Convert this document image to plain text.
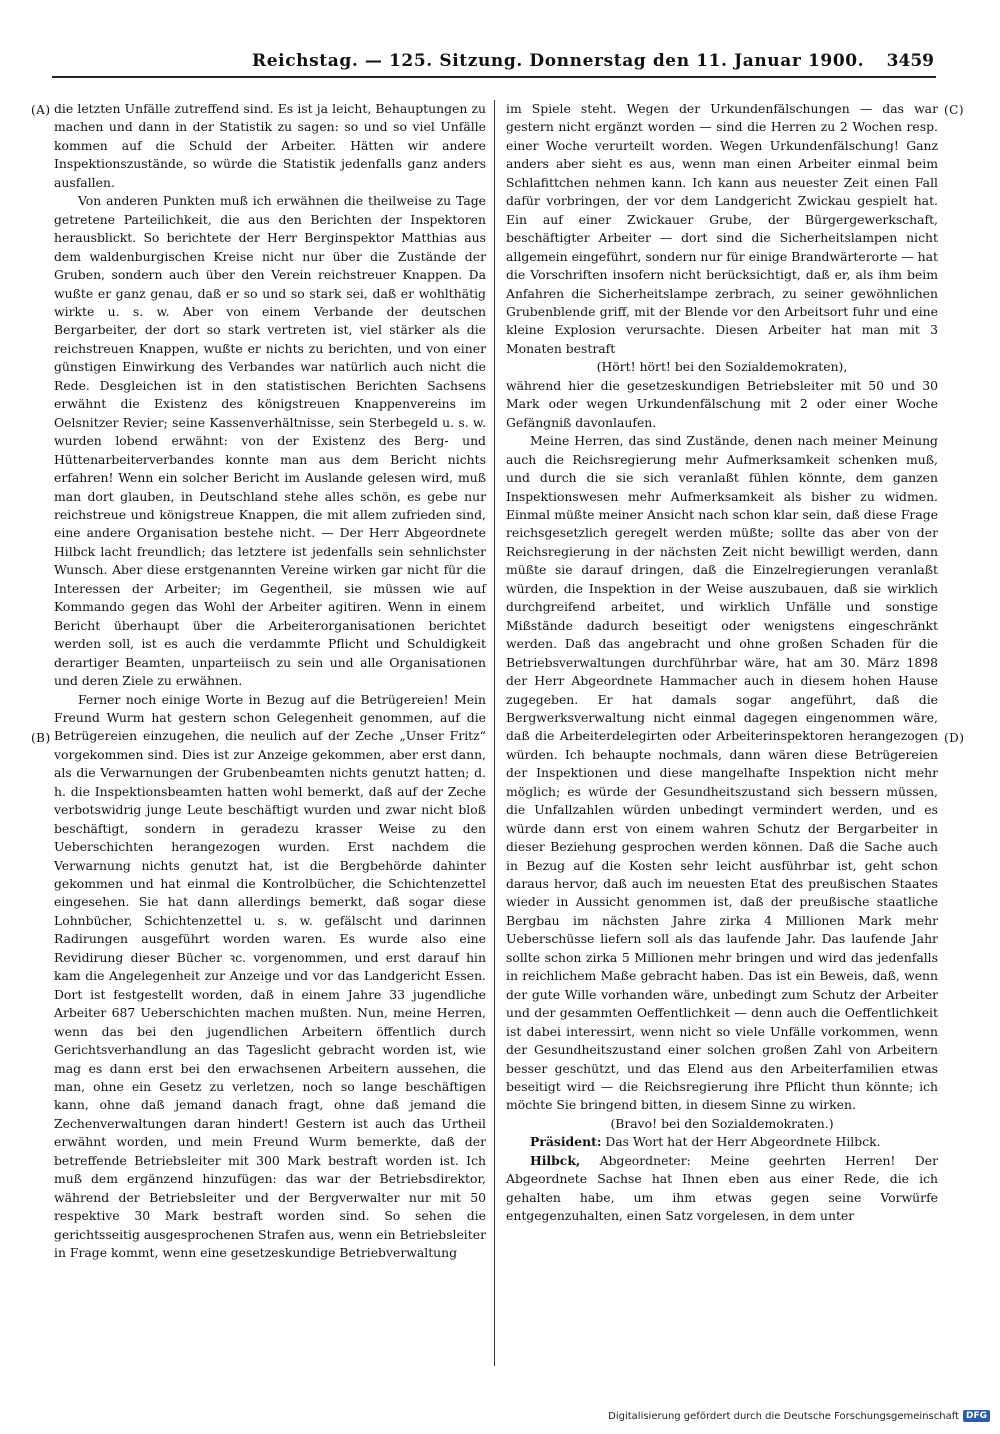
Reichstag. — 125. Sitzung. Donnerstag den 11. Januar 1900. 3459
(A)
(B)
(C)
(D)

die letzten Unfälle zutreffend sind. Es ist ja leicht, Behauptungen zu machen und dann in der Statistik zu sagen: so und so viel Unfälle kommen auf die Schuld der Arbeiter. Hätten wir andere Inspektionszustände, so würde die Statistik jedenfalls ganz anders ausfallen.

Von anderen Punkten muß ich erwähnen die theilweise zu Tage getretene Parteilichkeit, die aus den Berichten der Inspektoren herausblickt. So berichtete der Herr Berginspektor Matthias aus dem waldenburgischen Kreise nicht nur über die Zustände der Gruben, sondern auch über den Verein reichstreuer Knappen. Da wußte er ganz genau, daß er so und so stark sei, daß er wohlthätig wirkte u. s. w. Aber von einem Verbande der deutschen Bergarbeiter, der dort so stark vertreten ist, viel stärker als die reichstreuen Knappen, wußte er nichts zu berichten, und von einer günstigen Einwirkung des Verbandes war natürlich auch nicht die Rede. Desgleichen ist in den statistischen Berichten Sachsens erwähnt die Existenz des königstreuen Knappenvereins im Oelsnitzer Revier; seine Kassenverhältnisse, sein Sterbegeld u. s. w. wurden lobend erwähnt: von der Existenz des Berg- und Hüttenarbeiterverbandes konnte man aus dem Bericht nichts erfahren! Wenn ein solcher Bericht im Auslande gelesen wird, muß man dort glauben, in Deutschland stehe alles schön, es gebe nur reichstreue und königstreue Knappen, die mit allem zufrieden sind, eine andere Organisation bestehe nicht. — Der Herr Abgeordnete Hilbck lacht freundlich; das letztere ist jedenfalls sein sehnlichster Wunsch. Aber diese erstgenannten Vereine wirken gar nicht für die Interessen der Arbeiter; im Gegentheil, sie müssen wie auf Kommando gegen das Wohl der Arbeiter agitiren. Wenn in einem Bericht überhaupt über die Arbeiterorganisationen berichtet werden soll, ist es auch die verdammte Pflicht und Schuldigkeit derartiger Beamten, unparteiisch zu sein und alle Organisationen und deren Ziele zu erwähnen.

Ferner noch einige Worte in Bezug auf die Betrügereien! Mein Freund Wurm hat gestern schon Gelegenheit genommen, auf die Betrügereien einzugehen, die neulich auf der Zeche „Unser Fritz“ vorgekommen sind. Dies ist zur Anzeige gekommen, aber erst dann, als die Verwarnungen der Grubenbeamten nichts genutzt hatten; d. h. die Inspektionsbeamten hatten wohl bemerkt, daß auf der Zeche verbotswidrig junge Leute beschäftigt wurden und zwar nicht bloß beschäftigt, sondern in geradezu krasser Weise zu den Ueberschichten herangezogen wurden. Erst nachdem die Verwarnung nichts genutzt hat, ist die Bergbehörde dahinter gekommen und hat einmal die Kontrolbücher, die Schichtenzettel eingesehen. Sie hat dann allerdings bemerkt, daß sogar diese Lohnbücher, Schichtenzettel u. s. w. gefälscht und darinnen Radirungen ausgeführt worden waren. Es wurde also eine Revidirung dieser Bücher ꝛc. vorgenommen, und erst darauf hin kam die Angelegenheit zur Anzeige und vor das Landgericht Essen. Dort ist festgestellt worden, daß in einem Jahre 33 jugendliche Arbeiter 687 Ueberschichten machen mußten. Nun, meine Herren, wenn das bei den jugendlichen Arbeitern öffentlich durch Gerichtsverhandlung an das Tageslicht gebracht worden ist, wie mag es dann erst bei den erwachsenen Arbeitern aussehen, die man, ohne ein Gesetz zu verletzen, noch so lange beschäftigen kann, ohne daß jemand danach fragt, ohne daß jemand die Zechenverwaltungen daran hindert! Gestern ist auch das Urtheil erwähnt worden, und mein Freund Wurm bemerkte, daß der betreffende Betriebsleiter mit 300 Mark bestraft worden ist. Ich muß dem ergänzend hinzufügen: das war der Betriebsdirektor, während der Betriebsleiter und der Bergverwalter nur mit 50 respektive 30 Mark bestraft worden sind. So sehen die gerichtsseitig ausgesprochenen Strafen aus, wenn ein Betriebsleiter in Frage kommt, wenn eine gesetzeskundige Betriebverwaltung

im Spiele steht. Wegen der Urkundenfälschungen — das war gestern nicht ergänzt worden — sind die Herren zu 2 Wochen resp. einer Woche verurteilt worden. Wegen Urkundenfälschung! Ganz anders aber sieht es aus, wenn man einen Arbeiter einmal beim Schlafittchen nehmen kann. Ich kann aus neuester Zeit einen Fall dafür vorbringen, der vor dem Landgericht Zwickau gespielt hat. Ein auf einer Zwickauer Grube, der Bürgergewerkschaft, beschäftigter Arbeiter — dort sind die Sicherheitslampen nicht allgemein eingeführt, sondern nur für einige Brandwärterorte — hat die Vorschriften insofern nicht berücksichtigt, daß er, als ihm beim Anfahren die Sicherheitslampe zerbrach, zu seiner gewöhnlichen Grubenblende griff, mit der Blende vor den Arbeitsort fuhr und eine kleine Explosion verursachte. Diesen Arbeiter hat man mit 3 Monaten bestraft

(Hört! hört! bei den Sozialdemokraten),

während hier die gesetzeskundigen Betriebsleiter mit 50 und 30 Mark oder wegen Urkundenfälschung mit 2 oder einer Woche Gefängniß davonlaufen.

Meine Herren, das sind Zustände, denen nach meiner Meinung auch die Reichsregierung mehr Aufmerksamkeit schenken muß, und durch die sie sich veranlaßt fühlen könnte, dem ganzen Inspektionswesen mehr Aufmerksamkeit als bisher zu widmen. Einmal müßte meiner Ansicht nach schon klar sein, daß diese Frage reichsgesetzlich geregelt werden müßte; sollte das aber von der Reichsregierung in der nächsten Zeit nicht bewilligt werden, dann müßte sie darauf dringen, daß die Einzelregierungen veranlaßt würden, die Inspektion in der Weise auszubauen, daß sie wirklich durchgreifend arbeitet, und wirklich Unfälle und sonstige Mißstände dadurch beseitigt oder wenigstens eingeschränkt werden. Daß das angebracht und ohne großen Schaden für die Betriebsverwaltungen durchführbar wäre, hat am 30. März 1898 der Herr Abgeordnete Hammacher auch in diesem hohen Hause zugegeben. Er hat damals sogar angeführt, daß die Bergwerksverwaltung nicht einmal dagegen eingenommen wäre, daß die Arbeiterdelegirten oder Arbeiterinspektoren herangezogen würden. Ich behaupte nochmals, dann wären diese Betrügereien der Inspektionen und diese mangelhafte Inspektion nicht mehr möglich; es würde der Gesundheitszustand sich bessern müssen, die Unfallzahlen würden unbedingt vermindert werden, und es würde dann erst von einem wahren Schutz der Bergarbeiter in dieser Beziehung gesprochen werden können. Daß die Sache auch in Bezug auf die Kosten sehr leicht ausführbar ist, geht schon daraus hervor, daß auch im neuesten Etat des preußischen Staates wieder in Aussicht genommen ist, daß der preußische staatliche Bergbau im nächsten Jahre zirka 4 Millionen Mark mehr Ueberschüsse liefern soll als das laufende Jahr. Das laufende Jahr sollte schon zirka 5 Millionen mehr bringen und wird das jedenfalls in reichlichem Maße gebracht haben. Das ist ein Beweis, daß, wenn der gute Wille vorhanden wäre, unbedingt zum Schutz der Arbeiter und der gesammten Oeffentlichkeit — denn auch die Oeffentlichkeit ist dabei interessirt, wenn nicht so viele Unfälle vorkommen, wenn der Gesundheitszustand einer solchen großen Zahl von Arbeitern besser geschützt, und das Elend aus den Arbeiterfamilien etwas beseitigt wird — die Reichsregierung ihre Pflicht thun könnte; ich möchte Sie bringend bitten, in diesem Sinne zu wirken.

(Bravo! bei den Sozialdemokraten.)

Präsident: Das Wort hat der Herr Abgeordnete Hilbck.

Hilbck, Abgeordneter: Meine geehrten Herren! Der Abgeordnete Sachse hat Ihnen eben aus einer Rede, die ich gehalten habe, um ihm etwas gegen seine Vorwürfe entgegenzuhalten, einen Satz vorgelesen, in dem unter

Digitalisierung gefördert durch die Deutsche Forschungsgemeinschaft DFG
